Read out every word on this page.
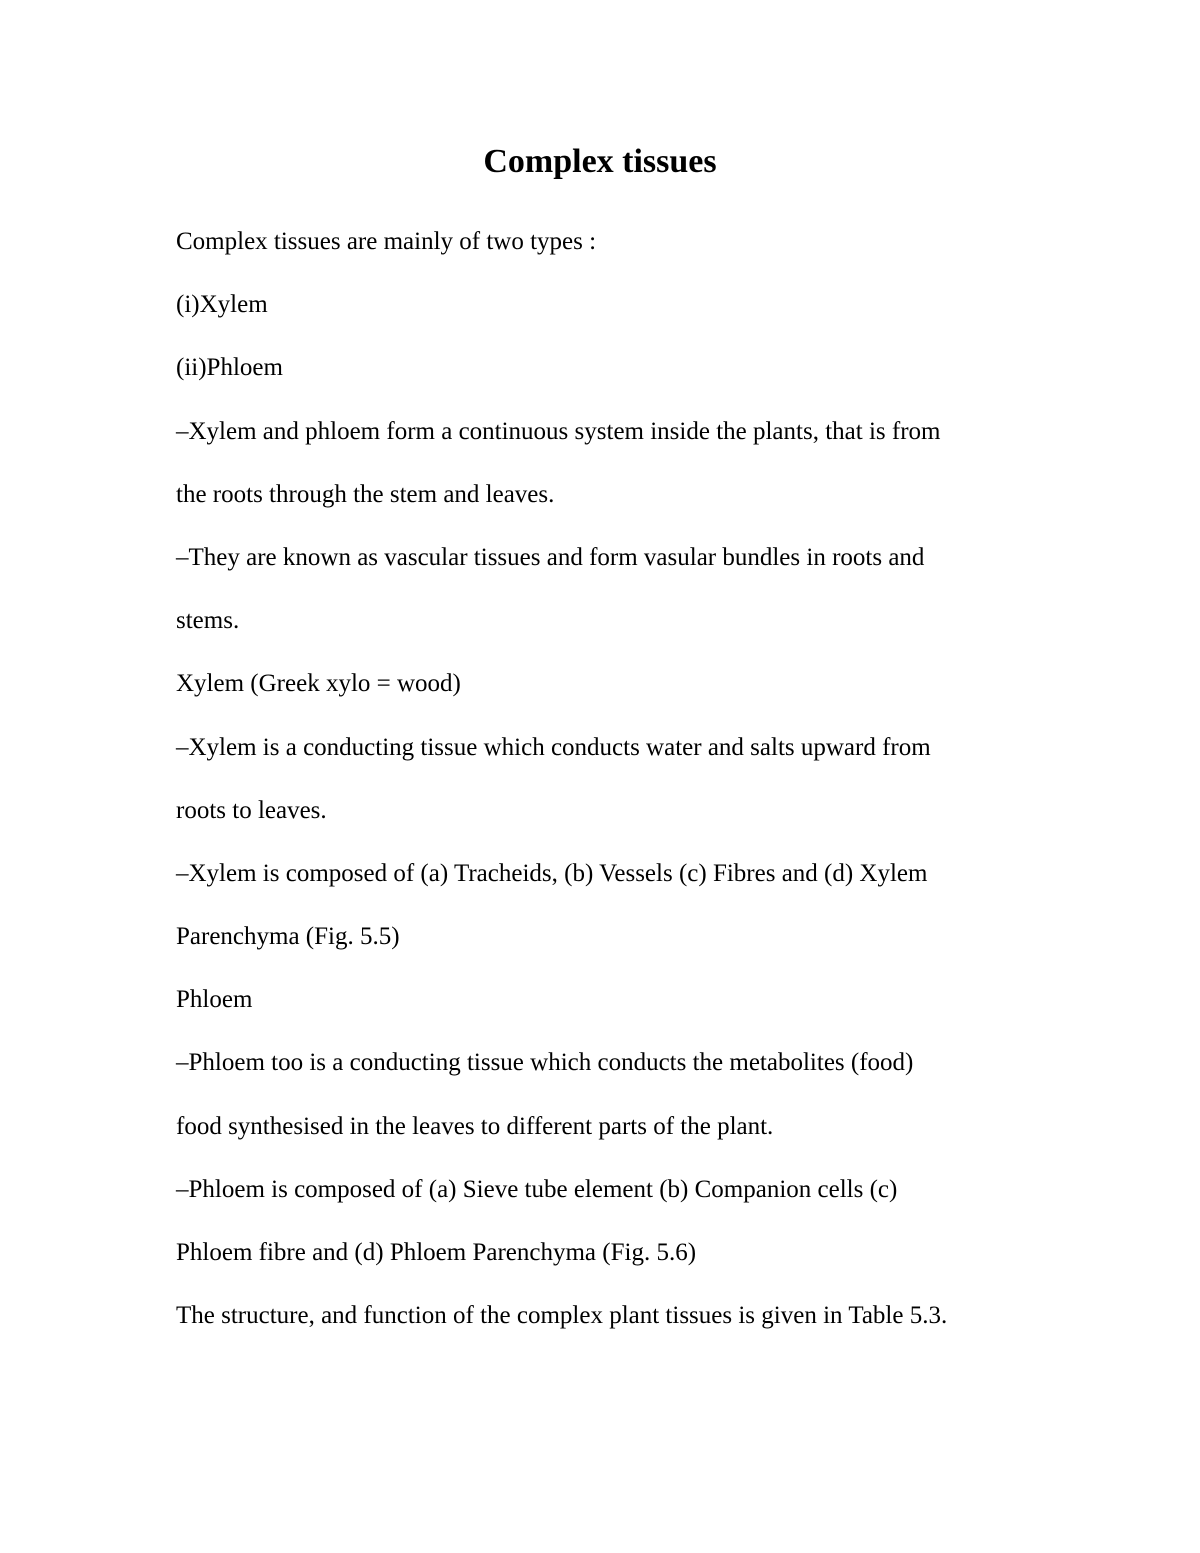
Complex tissues
Complex tissues are mainly of two types :
(i)Xylem
(ii)Phloem
–Xylem and phloem form a continuous system inside the plants, that is from
the roots through the stem and leaves.
–They are known as vascular tissues and form vasular bundles in roots and
stems.
Xylem (Greek xylo = wood)
–Xylem is a conducting tissue which conducts water and salts upward from
roots to leaves.
–Xylem is composed of (a) Tracheids, (b) Vessels (c) Fibres and (d) Xylem
Parenchyma (Fig. 5.5)
Phloem
–Phloem too is a conducting tissue which conducts the metabolites (food)
food synthesised in the leaves to different parts of the plant.
–Phloem is composed of (a) Sieve tube element (b) Companion cells (c)
Phloem fibre and (d) Phloem Parenchyma (Fig. 5.6)
The structure, and function of the complex plant tissues is given in Table 5.3.
